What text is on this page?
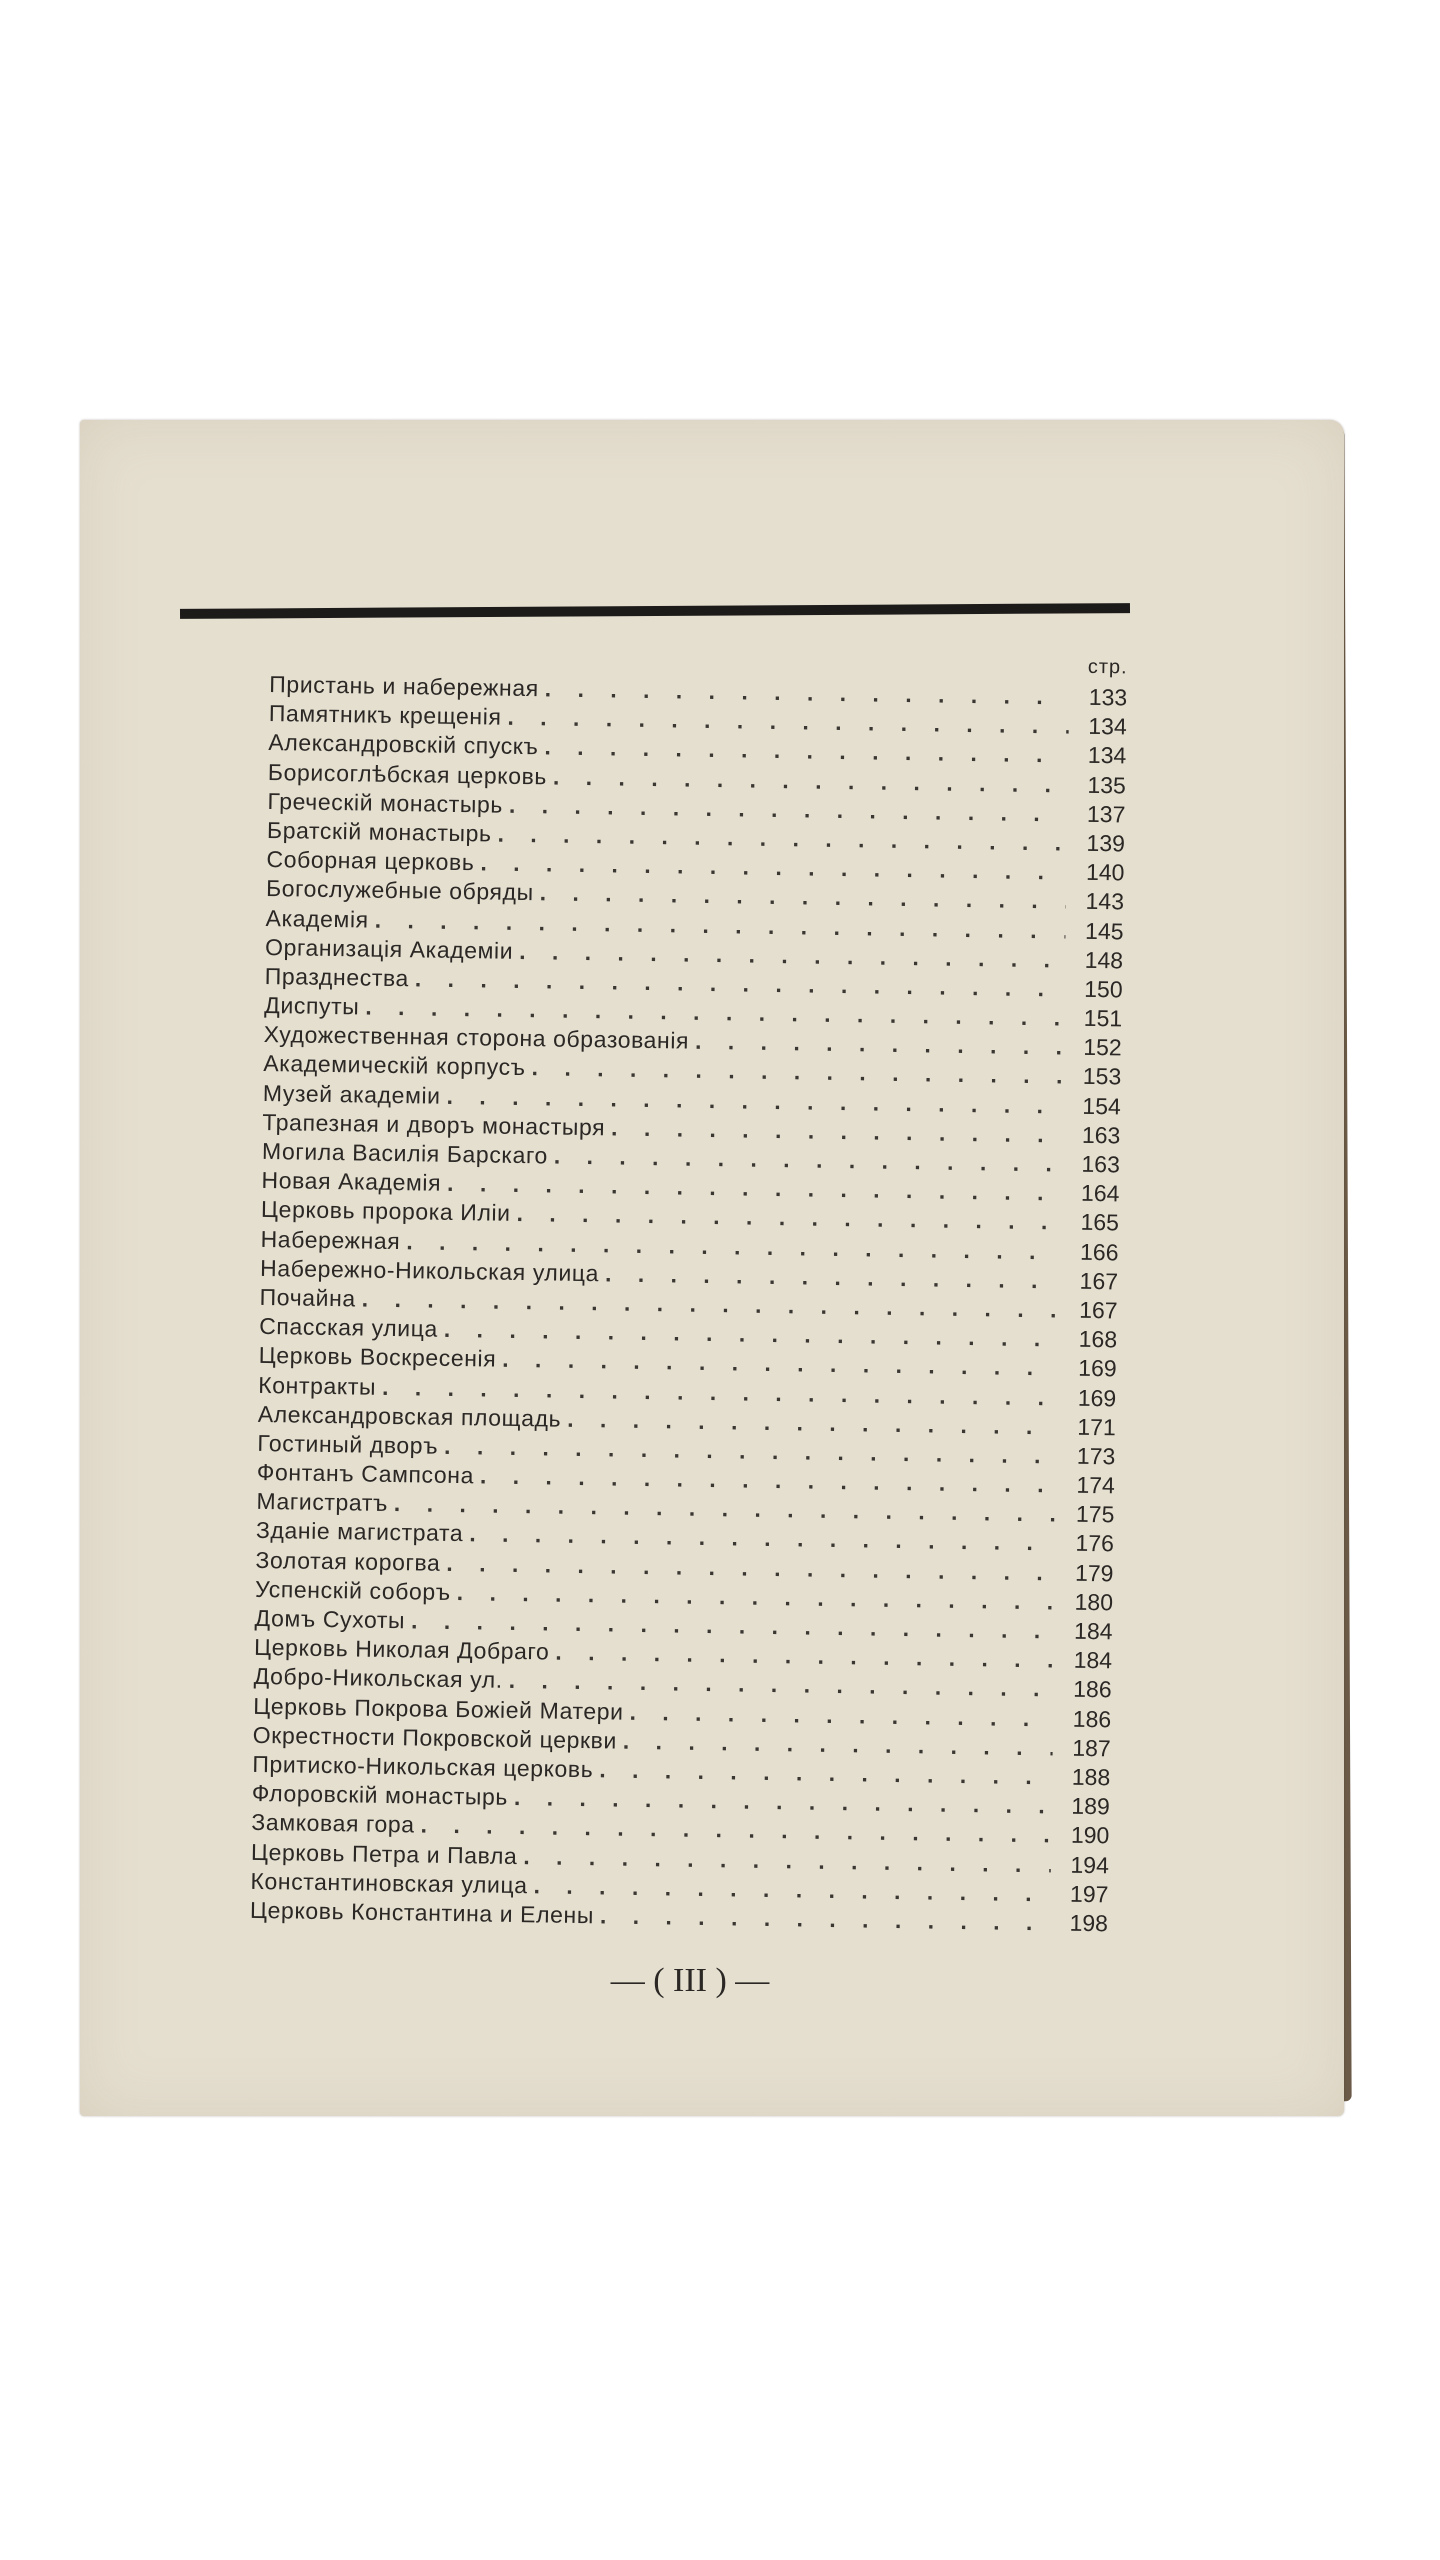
стр.
Пристань и набережная . . .	133
Памятникъ крещенія . . .	134
Александровскій спускъ . . .	134
Борисоглѣбская церковь . . .	135
Греческій монастырь . . .	137
Братскій монастырь . . .	139
Соборная церковь . . .	140
Богослужебные обряды . . .	143
Академія . . .	145
Организація Академіи . . .	148
Празднества . . .	150
Диспуты . . .	151
Художественная сторона образованія . . .	152
Академическій корпусъ . . .	153
Музей академіи . . .	154
Трапезная и дворъ монастыря . . .	163
Могила Василія Барскаго . . .	163
Новая Академія . . .	164
Церковь пророка Иліи . . .	165
Набережная . . .	166
Набережно-Никольская улица . . .	167
Почайна . . .	167
Спасская улица . . .	168
Церковь Воскресенія . . .	169
Контракты . . .	169
Александровская площадь . . .	171
Гостиный дворъ . . .	173
Фонтанъ Сампсона . . .	174
Магистратъ . . .	175
Зданіе магистрата . . .	176
Золотая корогва . . .	179
Успенскій соборъ . . .	180
Домъ Сухоты . . .	184
Церковь Николая Добраго . . .	184
Добро-Никольская ул. . . .	186
Церковь Покрова Божіей Матери . . .	186
Окрестности Покровской церкви . . .	187
Притиско-Никольская церковь . . .	188
Флоровскій монастырь . . .	189
Замковая гора . . .	190
Церковь Петра и Павла . . .	194
Константиновская улица . . .	197
Церковь Константина и Елены . . .	198
— ( III ) —
